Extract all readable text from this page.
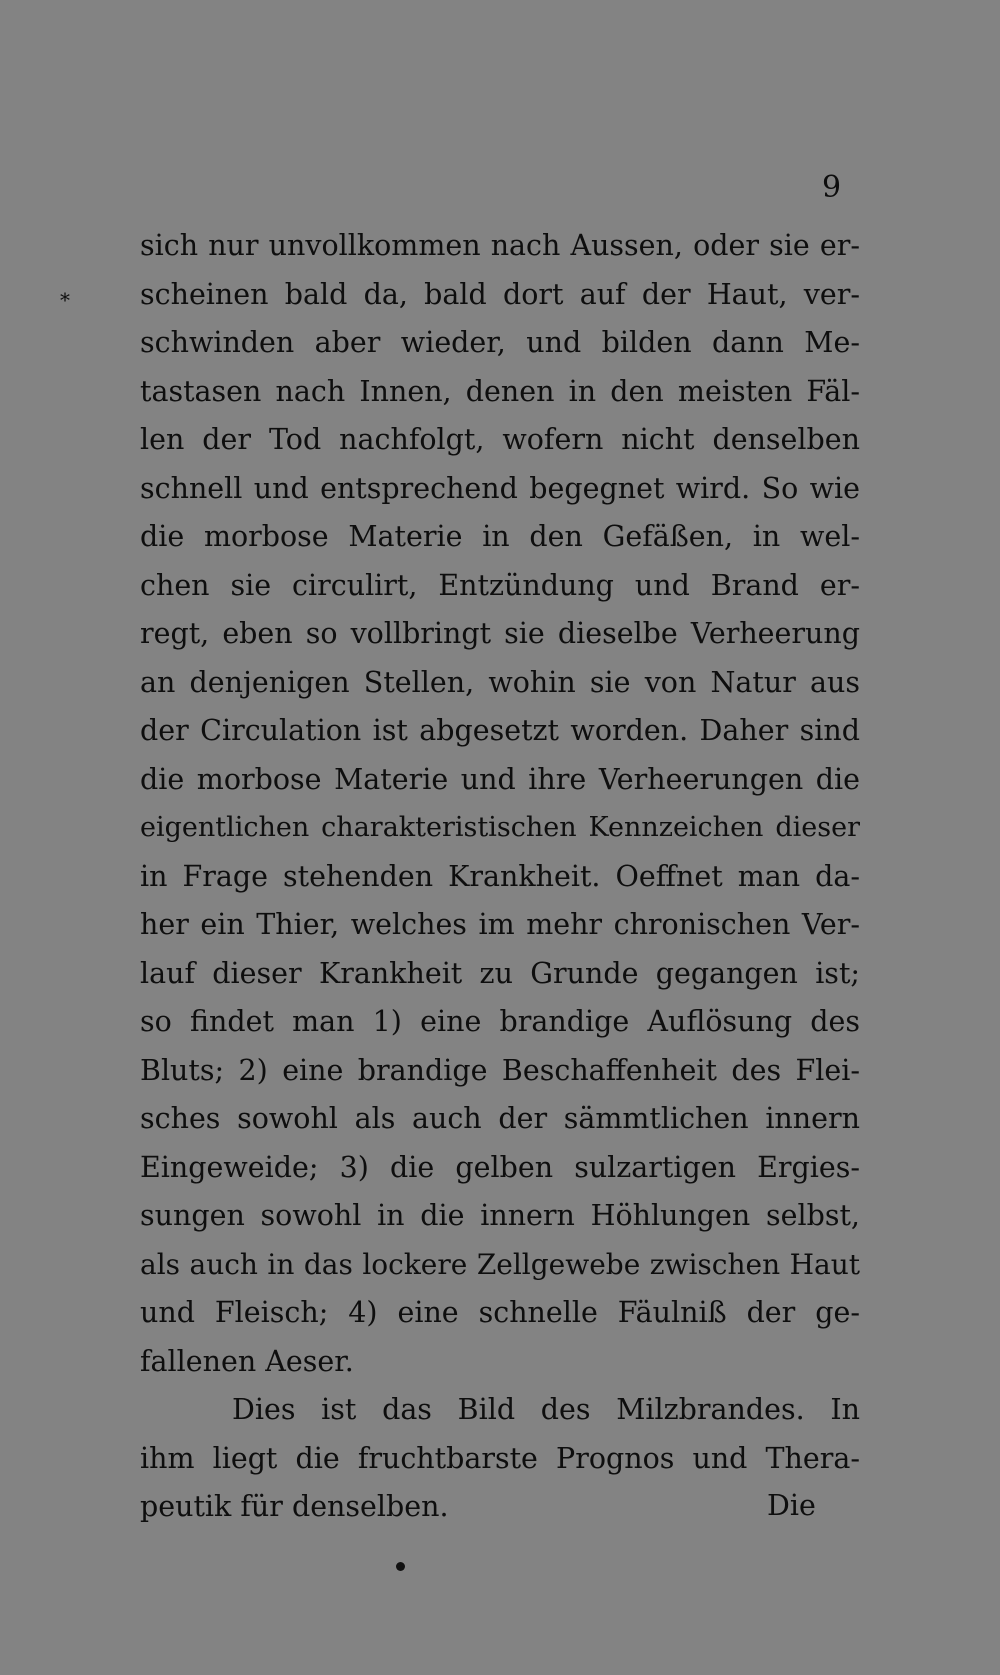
9
*
sich nur unvollkommen nach Aussen, oder sie er-
scheinen bald da, bald dort auf der Haut, ver-
schwinden aber wieder, und bilden dann Me-
tastasen nach Innen, denen in den meisten Fäl-
len der Tod nachfolgt, wofern nicht denselben
schnell und entsprechend begegnet wird. So wie
die morbose Materie in den Gefäßen, in wel-
chen sie circulirt, Entzündung und Brand er-
regt, eben so vollbringt sie dieselbe Verheerung
an denjenigen Stellen, wohin sie von Natur aus
der Circulation ist abgesetzt worden. Daher sind
die morbose Materie und ihre Verheerungen die
eigentlichen charakteristischen Kennzeichen dieser
in Frage stehenden Krankheit. Oeffnet man da-
her ein Thier, welches im mehr chronischen Ver-
lauf dieser Krankheit zu Grunde gegangen ist;
so findet man 1) eine brandige Auflösung des
Bluts; 2) eine brandige Beschaffenheit des Flei-
sches sowohl als auch der sämmtlichen innern
Eingeweide; 3) die gelben sulzartigen Ergies-
sungen sowohl in die innern Höhlungen selbst,
als auch in das lockere Zellgewebe zwischen Haut
und Fleisch; 4) eine schnelle Fäulniß der ge-
fallenen Aeser.
Dies ist das Bild des Milzbrandes. In
ihm liegt die fruchtbarste Prognos und Thera-
peutik für denselben.	Die
